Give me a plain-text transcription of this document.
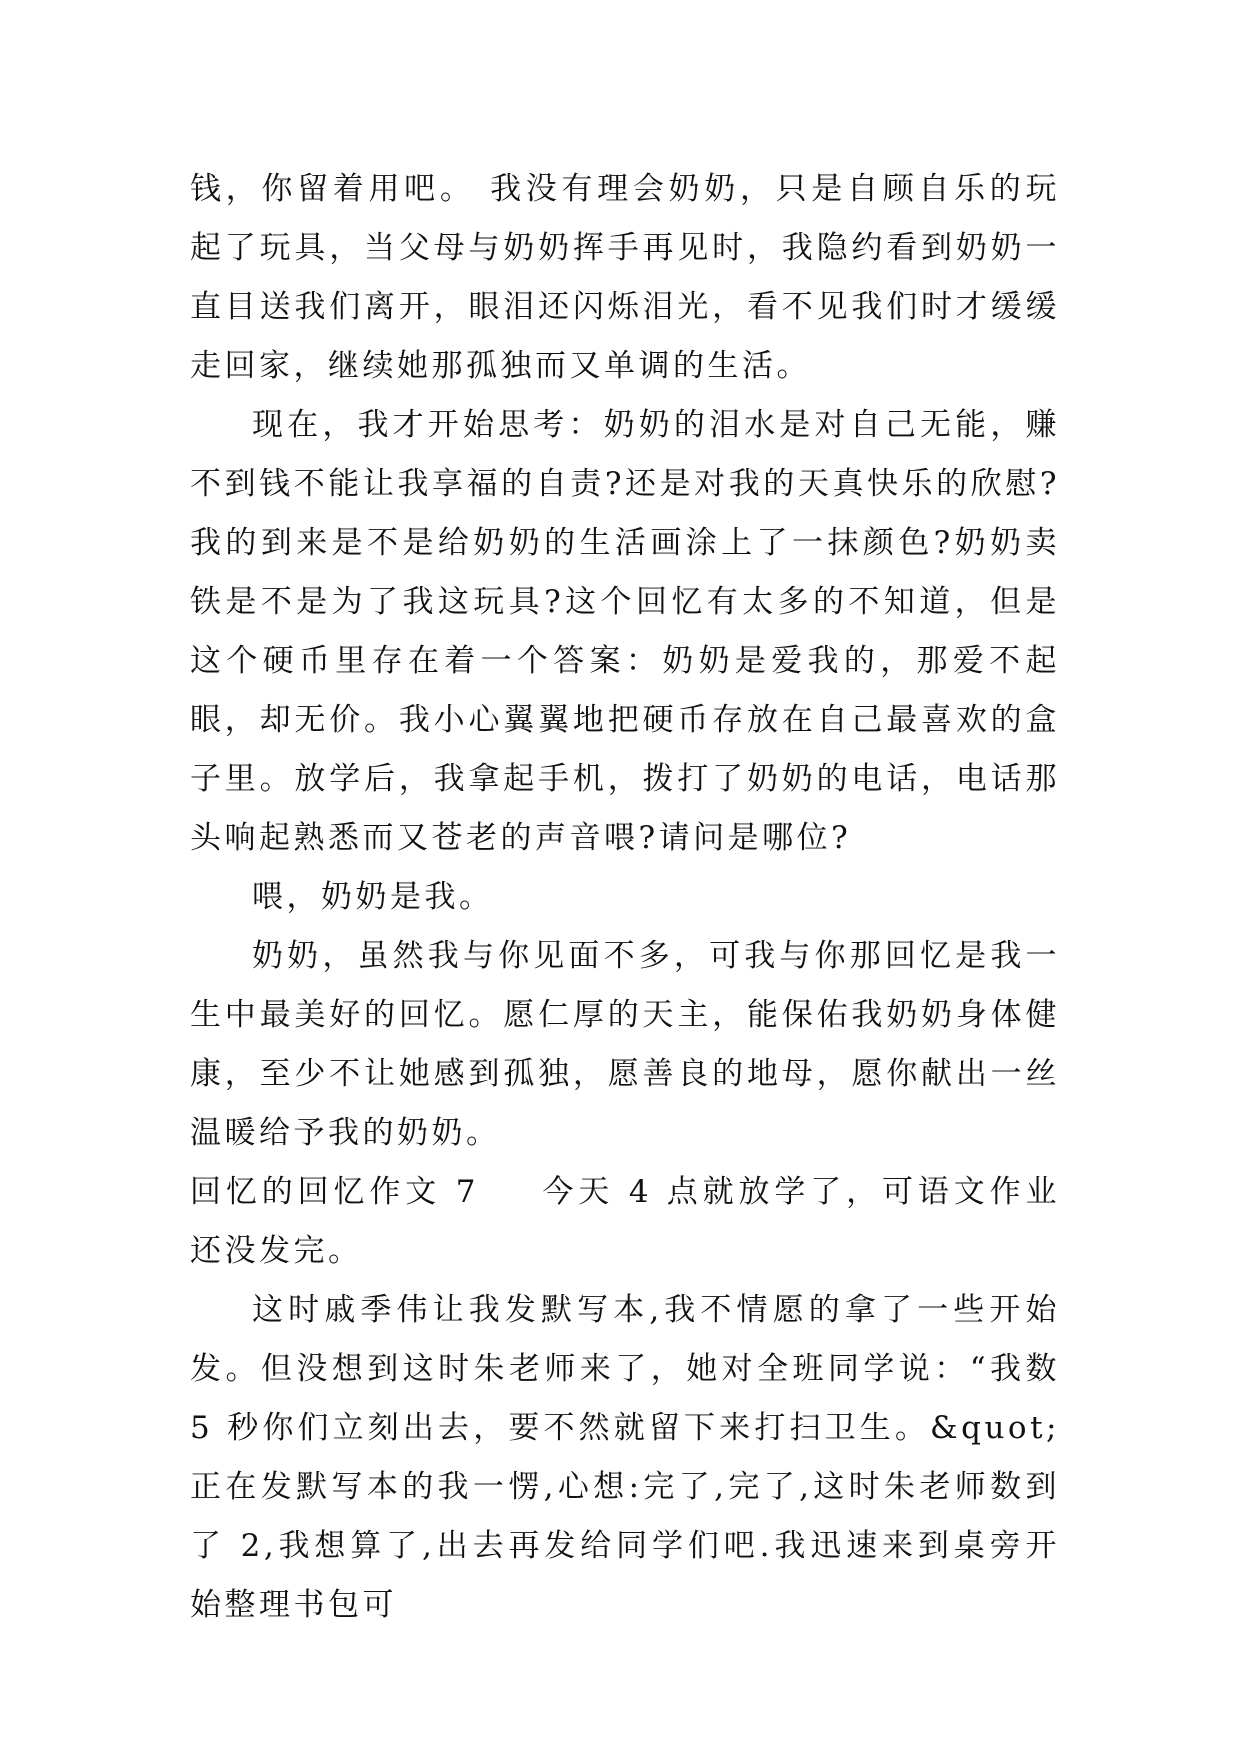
钱，你留着用吧。 我没有理会奶奶，只是自顾自乐的玩起了玩具，当父母与奶奶挥手再见时，我隐约看到奶奶一直目送我们离开，眼泪还闪烁泪光，看不见我们时才缓缓走回家，继续她那孤独而又单调的生活。

现在，我才开始思考：奶奶的泪水是对自己无能，赚不到钱不能让我享福的自责?还是对我的天真快乐的欣慰?我的到来是不是给奶奶的生活画涂上了一抹颜色?奶奶卖铁是不是为了我这玩具?这个回忆有太多的不知道，但是这个硬币里存在着一个答案：奶奶是爱我的，那爱不起眼，却无价。我小心翼翼地把硬币存放在自己最喜欢的盒子里。放学后，我拿起手机，拨打了奶奶的电话，电话那头响起熟悉而又苍老的声音喂?请问是哪位?

喂，奶奶是我。

奶奶，虽然我与你见面不多，可我与你那回忆是我一生中最美好的回忆。愿仁厚的天主，能保佑我奶奶身体健康，至少不让她感到孤独，愿善良的地母，愿你献出一丝温暖给予我的奶奶。

回忆的回忆作文 7 今天 4 点就放学了，可语文作业还没发完。

这时戚季伟让我发默写本,我不情愿的拿了一些开始发。但没想到这时朱老师来了，她对全班同学说：“我数 5 秒你们立刻出去，要不然就留下来打扫卫生。&quot;正在发默写本的我一愣,心想:完了,完了,这时朱老师数到了 2,我想算了,出去再发给同学们吧.我迅速来到桌旁开始整理书包可
